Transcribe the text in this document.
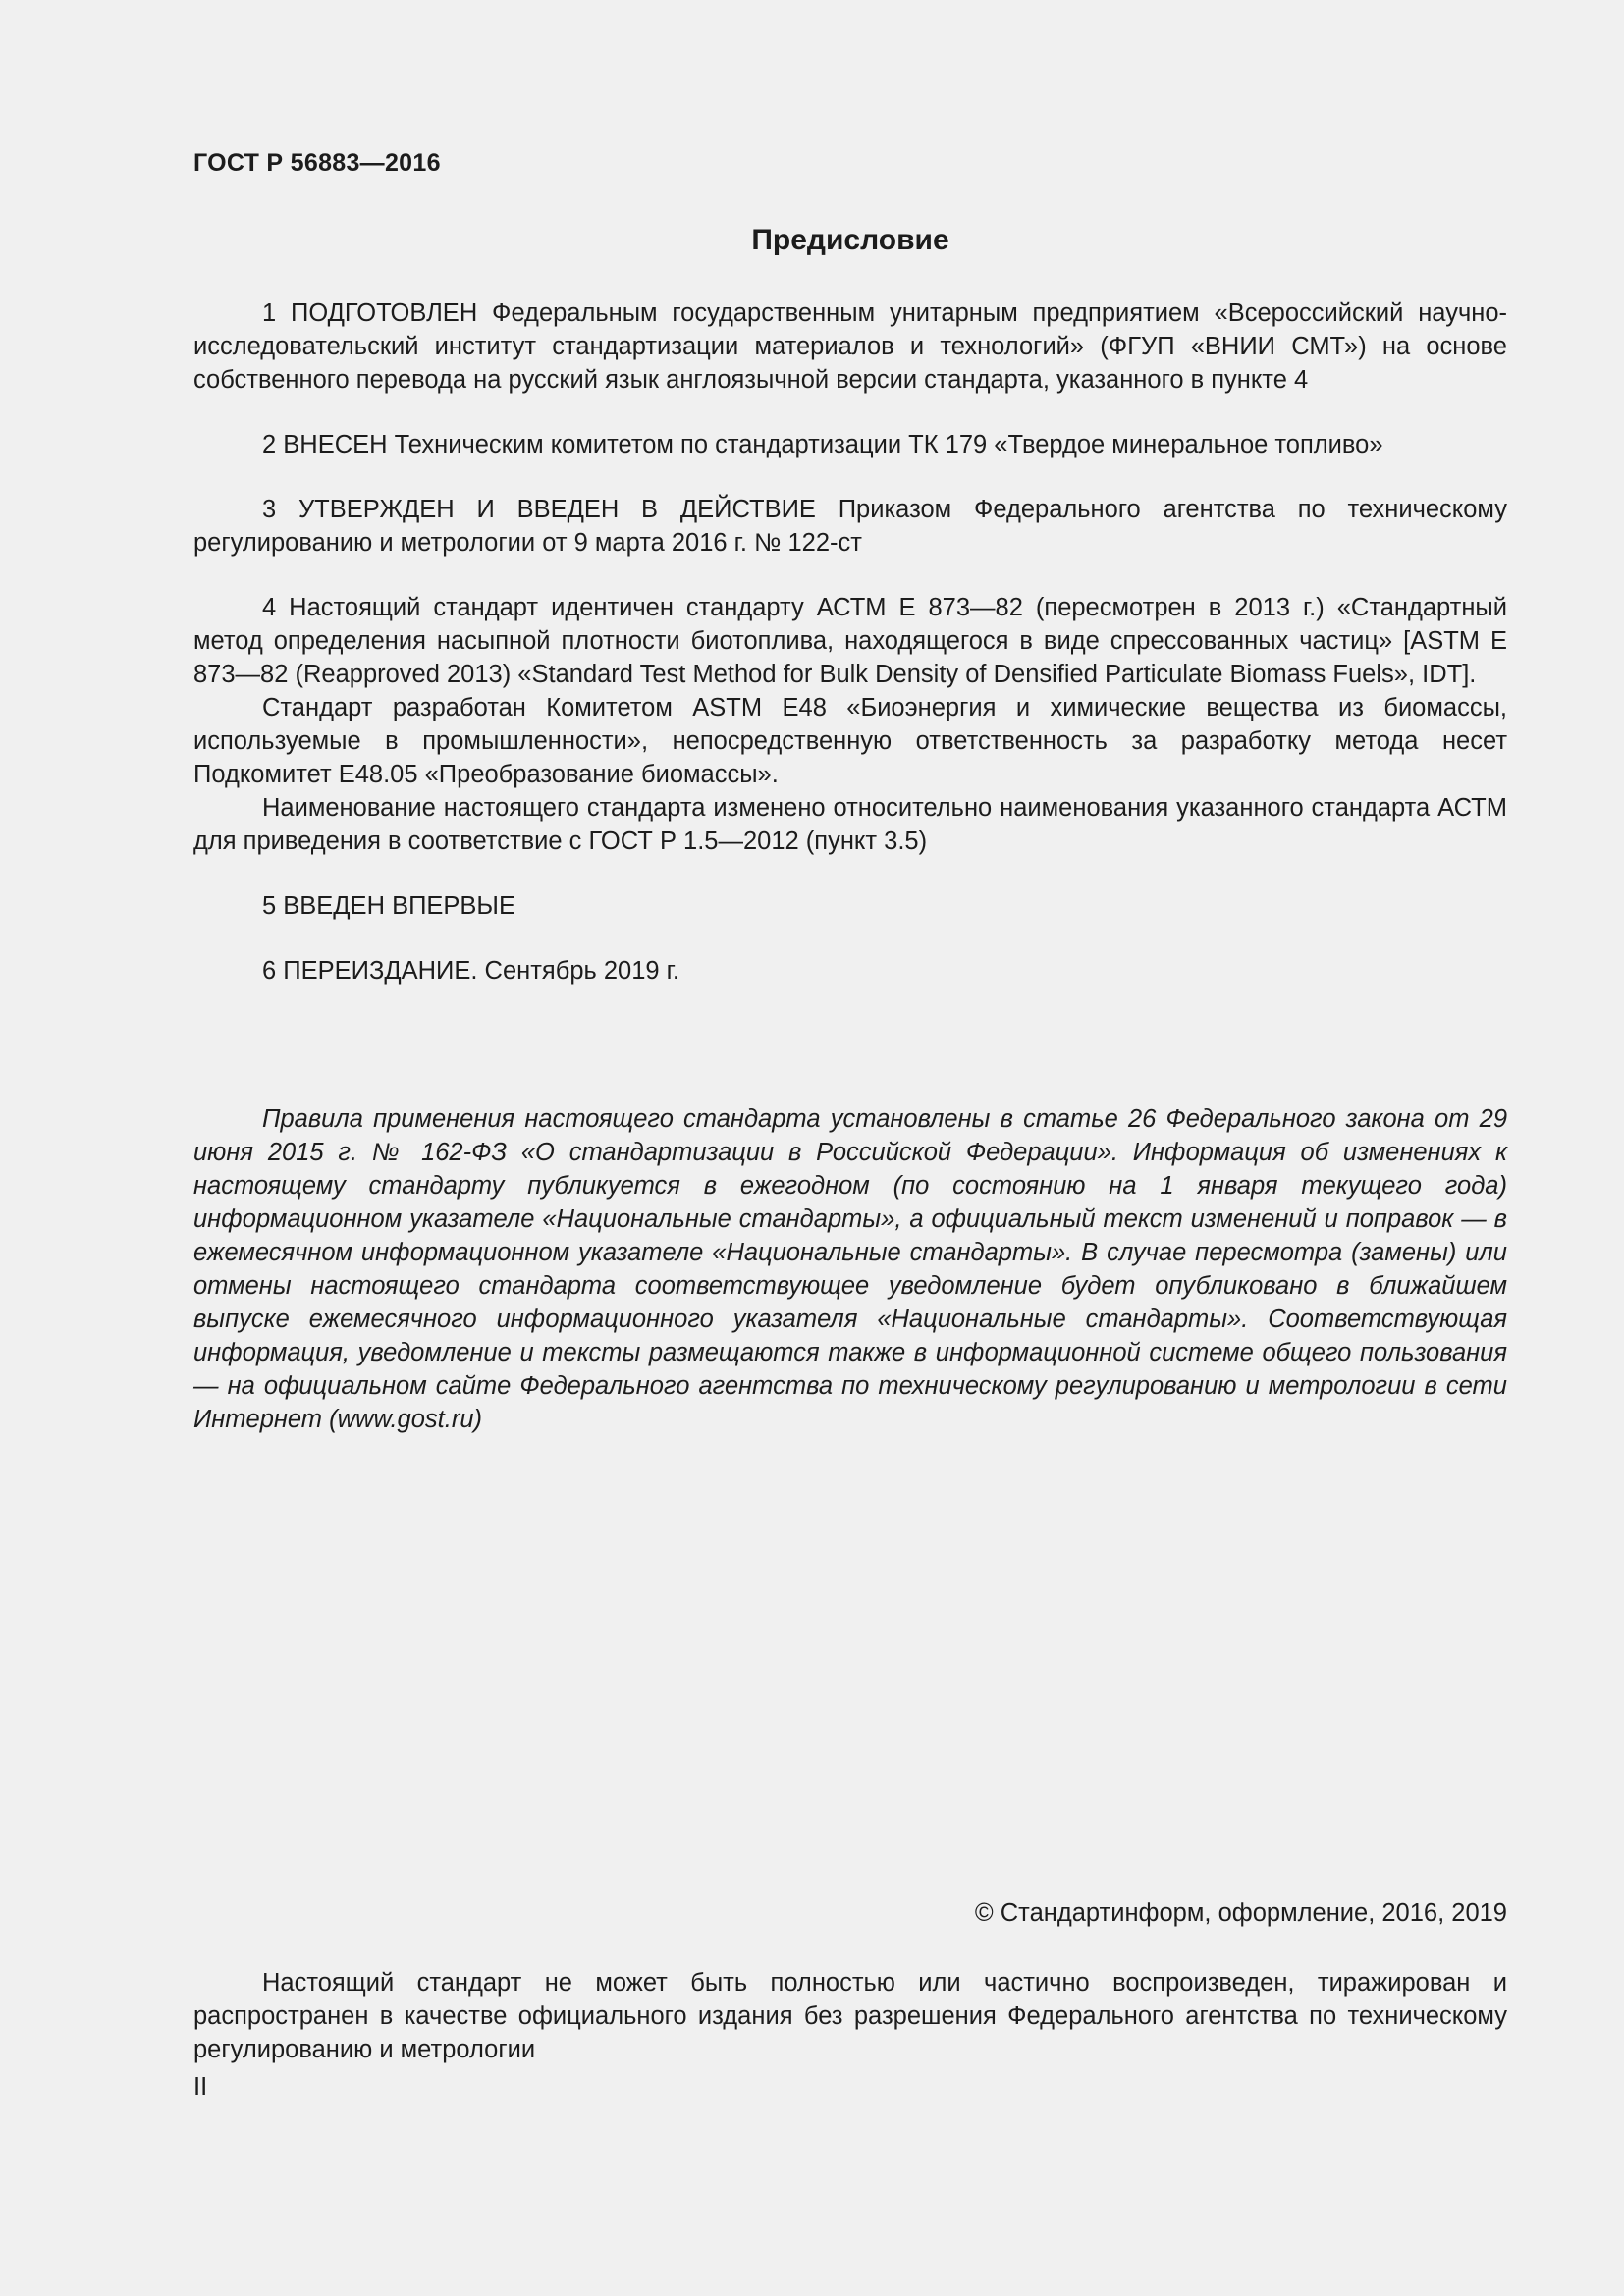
ГОСТ Р 56883—2016

Предисловие

1 ПОДГОТОВЛЕН Федеральным государственным унитарным предприятием «Всероссийский научно-исследовательский институт стандартизации материалов и технологий» (ФГУП «ВНИИ СМТ») на основе собственного перевода на русский язык англоязычной версии стандарта, указанного в пункте 4

2 ВНЕСЕН Техническим комитетом по стандартизации ТК 179 «Твердое минеральное топливо»

3 УТВЕРЖДЕН И ВВЕДЕН В ДЕЙСТВИЕ Приказом Федерального агентства по техническому регулированию и метрологии от 9 марта 2016 г. № 122-ст

4 Настоящий стандарт идентичен стандарту АСТМ Е 873—82 (пересмотрен в 2013 г.) «Стандартный метод определения насыпной плотности биотоплива, находящегося в виде спрессованных частиц» [ASTM E 873—82 (Reapproved 2013) «Standard Test Method for Bulk Density of Densified Particulate Biomass Fuels», IDT].

Стандарт разработан Комитетом ASTM E48 «Биоэнергия и химические вещества из биомассы, используемые в промышленности», непосредственную ответственность за разработку метода несет Подкомитет E48.05 «Преобразование биомассы».

Наименование настоящего стандарта изменено относительно наименования указанного стандарта АСТМ для приведения в соответствие с ГОСТ Р 1.5—2012 (пункт 3.5)

5 ВВЕДЕН ВПЕРВЫЕ

6 ПЕРЕИЗДАНИЕ. Сентябрь 2019 г.

Правила применения настоящего стандарта установлены в статье 26 Федерального закона от 29 июня 2015 г. № 162-ФЗ «О стандартизации в Российской Федерации». Информация об изменениях к настоящему стандарту публикуется в ежегодном (по состоянию на 1 января текущего года) информационном указателе «Национальные стандарты», а официальный текст изменений и поправок — в ежемесячном информационном указателе «Национальные стандарты». В случае пересмотра (замены) или отмены настоящего стандарта соответствующее уведомление будет опубликовано в ближайшем выпуске ежемесячного информационного указателя «Национальные стандарты». Соответствующая информация, уведомление и тексты размещаются также в информационной системе общего пользования — на официальном сайте Федерального агентства по техническому регулированию и метрологии в сети Интернет (www.gost.ru)

© Стандартинформ, оформление, 2016, 2019

Настоящий стандарт не может быть полностью или частично воспроизведен, тиражирован и распространен в качестве официального издания без разрешения Федерального агентства по техническому регулированию и метрологии

II
